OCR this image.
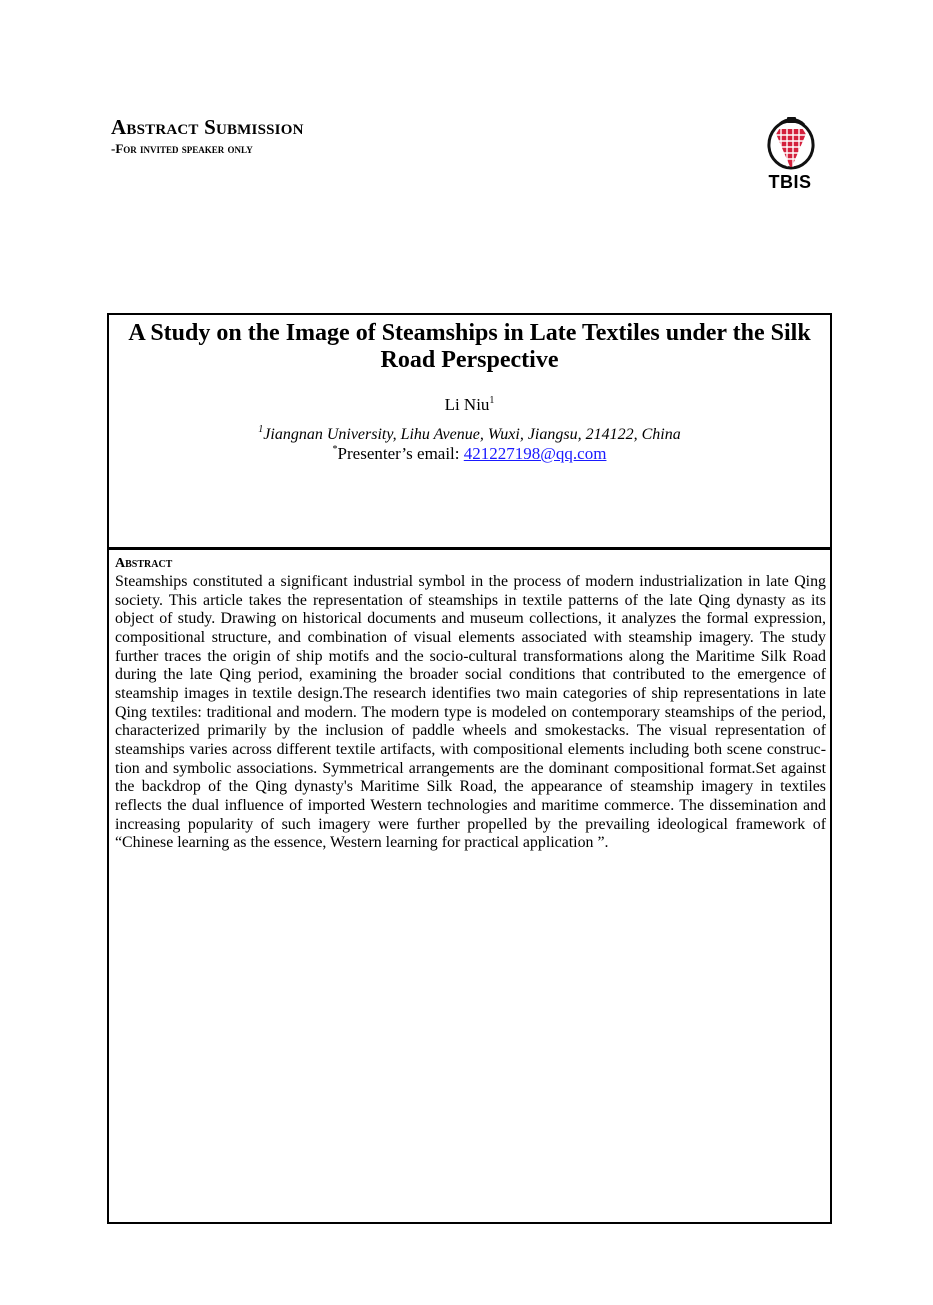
Abstract Submission
-For invited speaker only
TBIS
A Study on the Image of Steamships in Late Textiles under the Silk Road Perspective
Li Niu$^1$
$^1$Jiangnan University, Lihu Avenue, Wuxi, Jiangsu, 214122, China
*Presenter’s email: 421227198@qq.com
Abstract
Steamships constituted a significant industrial symbol in the process of modern industrialization in late Qing society. This article takes the representation of steamships in textile patterns of the late Qing dynasty as its object of study. Drawing on historical documents and museum collections, it analyzes the formal expression, compositional structure, and combination of visual elements associated with steamship imagery. The study further traces the origin of ship motifs and the socio-cultural transformations along the Maritime Silk Road during the late Qing period, examining the broader social conditions that contributed to the emergence of steamship images in textile design.The research identifies two main categories of ship representations in late Qing textiles: traditional and modern. The modern type is modeled on contemporary steamships of the period, characterized primarily by the inclusion of paddle wheels and smokestacks. The visual representation of steamships varies across different textile artifacts, with compositional elements including both scene construction and symbolic associations. Symmetrical arrangements are the dominant compositional format.Set against the backdrop of the Qing dynasty's Maritime Silk Road, the appearance of steamship imagery in textiles reflects the dual influence of imported Western technologies and maritime commerce. The dissemination and increasing popularity of such imagery were further propelled by the prevailing ideological framework of “Chinese learning as the essence, Western learning for practical application ”.
